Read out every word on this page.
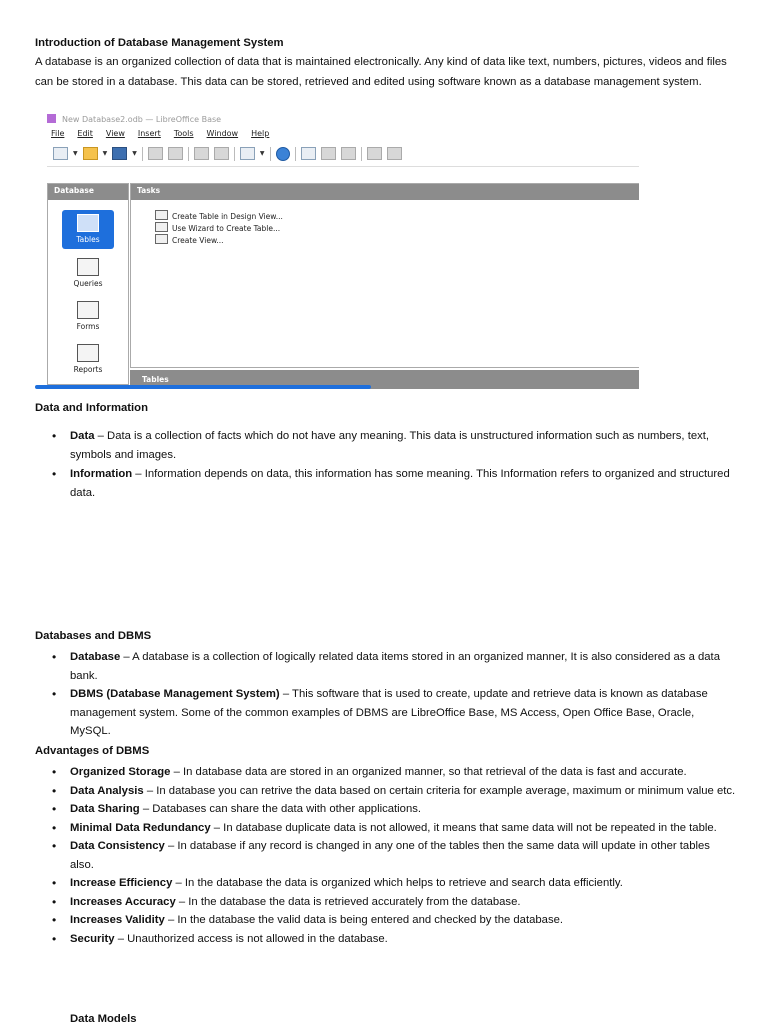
Introduction of Database Management System
A database is an organized collection of data that is maintained electronically. Any kind of data like text, numbers, pictures, videos and files can be stored in a database. This data can be stored, retrieved and edited using software known as a database management system.
New Database2.odb — LibreOffice Base
File Edit View Insert Tools Window Help
▼	▼	▼	▼
Database
Tables
Queries
Forms
Reports
Tasks
Create Table in Design View...
Use Wizard to Create Table...
Create View...
Tables
Data and Information
• Data – Data is a collection of facts which do not have any meaning. This data is unstructured information such as numbers, text, symbols and images.
• Information – Information depends on data, this information has some meaning. This Information refers to organized and structured data.
Databases and DBMS
• Database – A database is a collection of logically related data items stored in an organized manner, It is also considered as a data bank.
• DBMS (Database Management System) – This software that is used to create, update and retrieve data is known as database management system. Some of the common examples of DBMS are LibreOffice Base, MS Access, Open Office Base, Oracle, MySQL.
Advantages of DBMS
• Organized Storage – In database data are stored in an organized manner, so that retrieval of the data is fast and accurate.
• Data Analysis – In database you can retrive the data based on certain criteria for example average, maximum or minimum value etc.
• Data Sharing – Databases can share the data with other applications.
• Minimal Data Redundancy – In database duplicate data is not allowed, it means that same data will not be repeated in the table.
• Data Consistency – In database if any record is changed in any one of the tables then the same data will update in other tables also.
• Increase Efficiency – In the database the data is organized which helps to retrieve and search data efficiently.
• Increases Accuracy – In the database the data is retrieved accurately from the database.
• Increases Validity – In the database the valid data is being entered and checked by the database.
• Security – Unauthorized access is not allowed in the database.
Data Models
